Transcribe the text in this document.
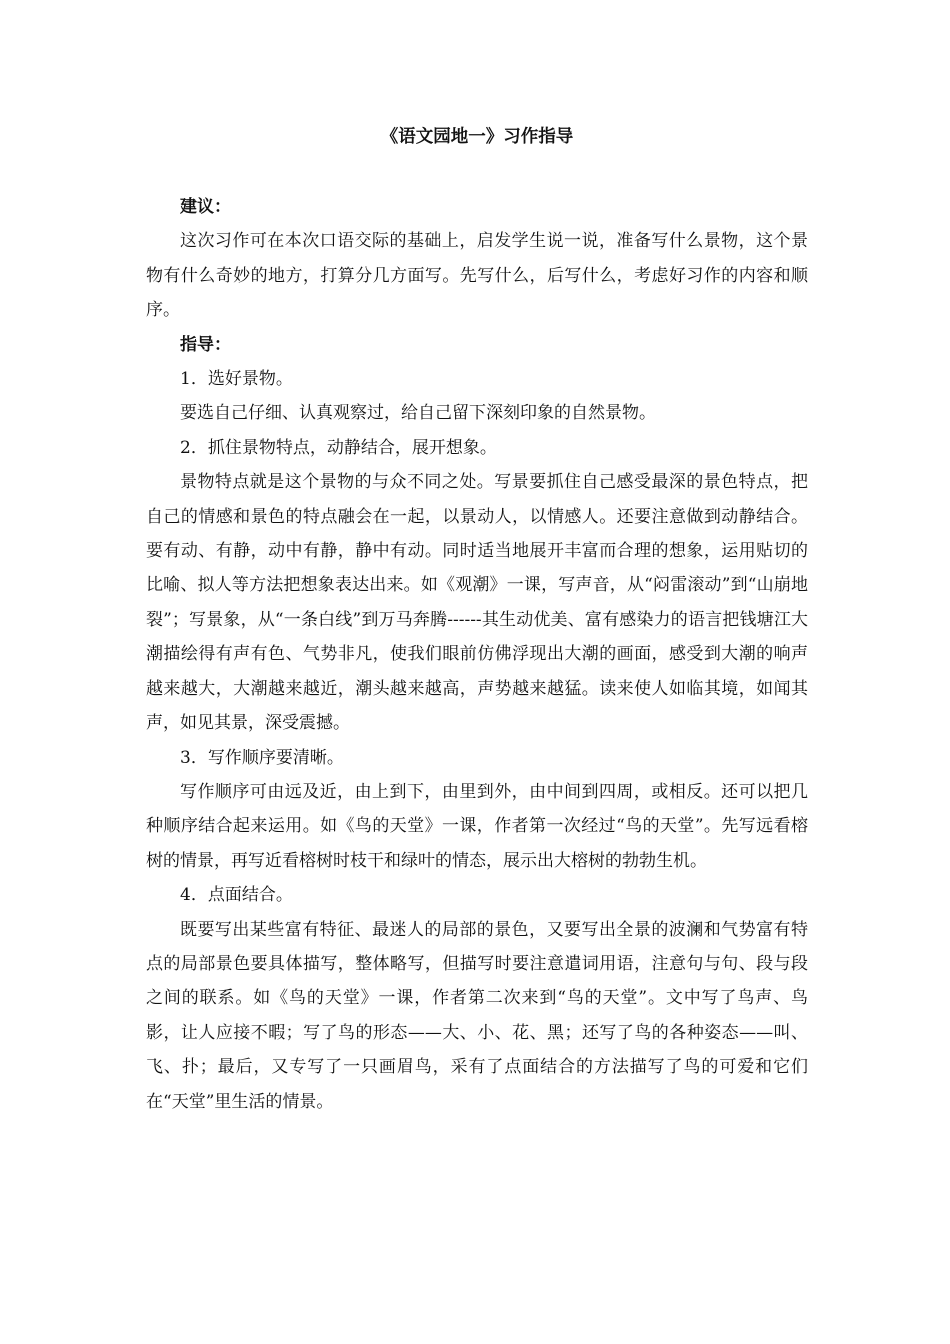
《语文园地一》习作指导

建议：

这次习作可在本次口语交际的基础上，启发学生说一说，准备写什么景物，这个景物有什么奇妙的地方，打算分几方面写。先写什么，后写什么，考虑好习作的内容和顺序。

指导：

1．选好景物。

要选自己仔细、认真观察过，给自己留下深刻印象的自然景物。

2．抓住景物特点，动静结合，展开想象。

景物特点就是这个景物的与众不同之处。写景要抓住自己感受最深的景色特点，把自己的情感和景色的特点融会在一起，以景动人，以情感人。还要注意做到动静结合。要有动、有静，动中有静，静中有动。同时适当地展开丰富而合理的想象，运用贴切的比喻、拟人等方法把想象表达出来。如《观潮》一课，写声音，从“闷雷滚动”到“山崩地裂”；写景象，从“一条白线”到万马奔腾------其生动优美、富有感染力的语言把钱塘江大潮描绘得有声有色、气势非凡，使我们眼前仿佛浮现出大潮的画面，感受到大潮的响声越来越大，大潮越来越近，潮头越来越高，声势越来越猛。读来使人如临其境，如闻其声，如见其景，深受震撼。

3．写作顺序要清晰。

写作顺序可由远及近，由上到下，由里到外，由中间到四周，或相反。还可以把几种顺序结合起来运用。如《鸟的天堂》一课，作者第一次经过“鸟的天堂”。先写远看榕树的情景，再写近看榕树时枝干和绿叶的情态，展示出大榕树的勃勃生机。

4．点面结合。

既要写出某些富有特征、最迷人的局部的景色，又要写出全景的波澜和气势富有特点的局部景色要具体描写，整体略写，但描写时要注意遣词用语，注意句与句、段与段之间的联系。如《鸟的天堂》一课，作者第二次来到“鸟的天堂”。文中写了鸟声、鸟影，让人应接不暇；写了鸟的形态——大、小、花、黑；还写了鸟的各种姿态——叫、飞、扑；最后，又专写了一只画眉鸟，采有了点面结合的方法描写了鸟的可爱和它们在“天堂”里生活的情景。
